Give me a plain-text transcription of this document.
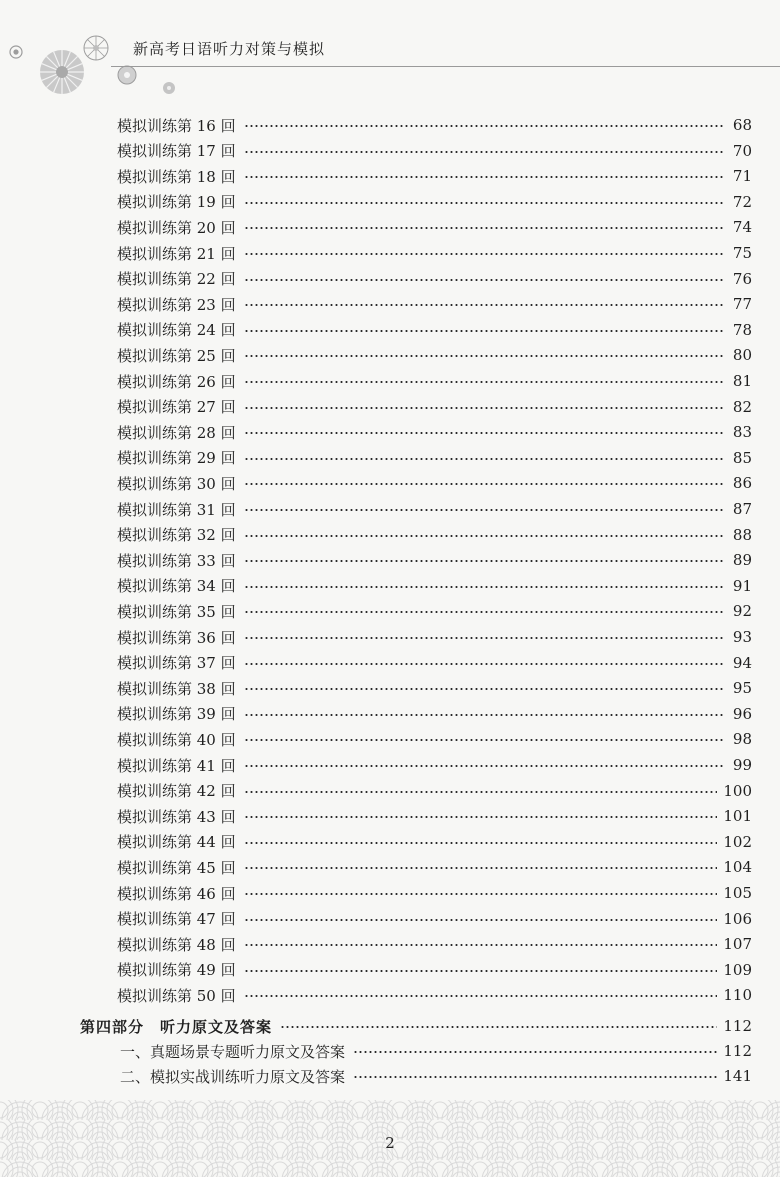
新高考日语听力对策与模拟
模拟训练第 16 回	68
模拟训练第 17 回	70
模拟训练第 18 回	71
模拟训练第 19 回	72
模拟训练第 20 回	74
模拟训练第 21 回	75
模拟训练第 22 回	76
模拟训练第 23 回	77
模拟训练第 24 回	78
模拟训练第 25 回	80
模拟训练第 26 回	81
模拟训练第 27 回	82
模拟训练第 28 回	83
模拟训练第 29 回	85
模拟训练第 30 回	86
模拟训练第 31 回	87
模拟训练第 32 回	88
模拟训练第 33 回	89
模拟训练第 34 回	91
模拟训练第 35 回	92
模拟训练第 36 回	93
模拟训练第 37 回	94
模拟训练第 38 回	95
模拟训练第 39 回	96
模拟训练第 40 回	98
模拟训练第 41 回	99
模拟训练第 42 回	100
模拟训练第 43 回	101
模拟训练第 44 回	102
模拟训练第 45 回	104
模拟训练第 46 回	105
模拟训练第 47 回	106
模拟训练第 48 回	107
模拟训练第 49 回	109
模拟训练第 50 回	110
第四部分　听力原文及答案	112
一、真题场景专题听力原文及答案	112
二、模拟实战训练听力原文及答案	141
2
